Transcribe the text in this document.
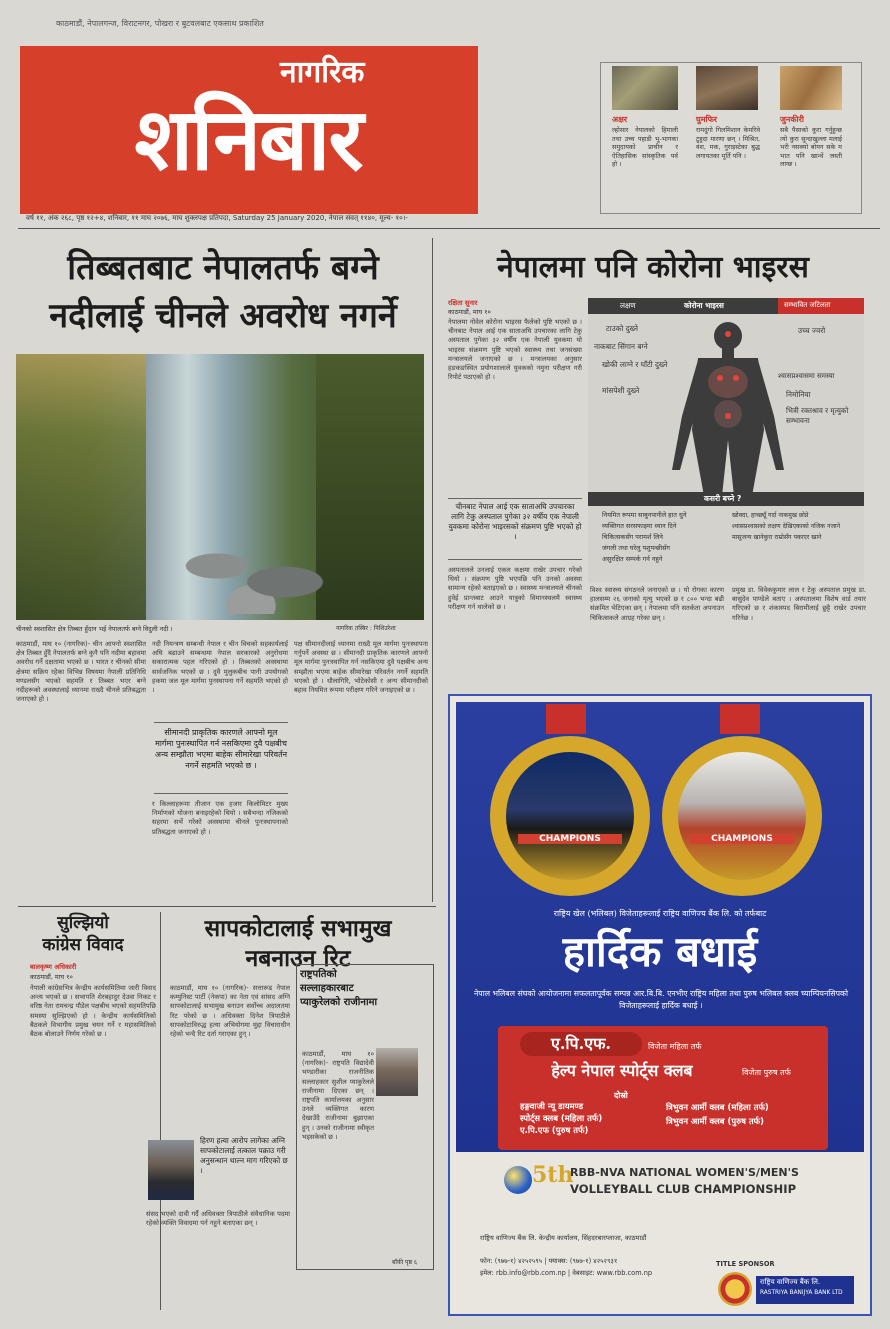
काठमाडौं, नेपालगन्ज, विराटनगर, पोखरा र बुटवलबाट एकसाथ प्रकाशित
नागरिक
शनिबार
वर्ष ११, अंक २६८, पृष्ठ १२+४, शनिबार, ११ माघ २०७६, माघ शुक्लपक्ष प्रतिपदा, Saturday 25 January 2020, नेपाल संवत् ११४०, मूल्य- १०।-
अक्षर
ल्होसार नेपालको हिमाली तथा उच्च पहाडी भू-भागका समुदायको प्राचीन र ऐतिहासिक सांस्कृतिक पर्व हो ।
घुमफिर
रामदुंगो गिलमिशान केमरिवे टुहुदा मारणा छन् । मिश्रित, वंश, मक, गुराइस्टेका बुद्ध लगायतका मूर्ति पनि ।
जुनकीरी
सबै पैसाको कुरा गर्नुहुन्छ त्यो कुरा सुन्दाखुल्ला मलाई भरी नसक्यो बोयन सके म भात पनि खान्थें जस्ती लाग्छ ।
तिब्बतबाट नेपालतर्फ बग्ने
नदीलाई चीनले अवरोध नगर्ने
चीनको स्वशासित क्षेत्र तिब्बत हुँदान भई नेपालतर्फ बग्ने विदुली नदी ।	नागरिक तस्बिर : निशिउरेशा
काठमाडौं, माघ १० (नागरिक)- चीन आफ्नो स्वशासित क्षेत्र तिब्बत हुँदै नेपालतर्फ बग्ने कुनै पनि नदीमा बहावमा अवरोध गर्ने दक्षतामा भएको छ । भारत र चीनको सीमा क्षेत्रमा सक्रिय रहेका विभिन्न विषयमा नेपाली प्रतिनिधि मण्डलसँग भएको सहमति र तिब्बत भएर बग्ने नदीहरूको अवस्थालाई ध्यानमा राख्दै चीनले प्रतिबद्धता जनाएको हो ।
नदी नियन्त्रण सम्बन्धी नेपाल र चीन विचको सहकार्यलाई अघि बढाउने सम्बन्धमा नेपाल सरकारको अनुरोधमा सकारात्मक पहल गरिएको हो । तिब्बतको अवस्थामा सार्वजनिक भएको छ । दुवै मुलुकबीच पानी उपयोगको हकमा जल मूल मार्गमा पुनस्थापना गर्ने सहमति भएको हो ।
सीमानदी प्राकृतिक कारणले आफ्नो मूल मार्गमा पुनःस्थापित गर्न नसकिएमा दुवै पक्षबीच अन्य सम्झौता भएमा बाहेक सीमारेखा परिवर्तन नगर्ने सहमति भएको छ ।
र किल्लाहरूमा तीजान एक हजार किलोमिटर मुख्य निर्माणको योजना बनाइरहेको थियो । सबैभन्दा नजिकको सहरमा सर्भे गरेको अवस्थामा चीनले पुनःस्थापनाको प्रतिबद्धता जनाएको हो ।
पक्ष सीमानदीलाई ध्यानमा राख्दै मूल मार्गमा पुनःस्थापना गर्नुपर्ने अवस्था छ । सीमानदी प्राकृतिक कारणले आफ्नो मूल मार्गमा पुनःस्थापित गर्न नसकिएमा दुवै पक्षबीच अन्य सम्झौता भएमा बाहेक सीमारेखा परिवर्तन नगर्ने सहमति भएको हो । धौलागिरि, भोटेकोसी र अन्य सीमानदीको बहाव नियमित रूपमा परीक्षण गरिने जनाइएको छ ।
नेपालमा पनि कोरोना भाइरस
रक्षिता सुनार
काठमाडौं, माघ १०
नेपालमा नोवेल कोरोना भाइरस फैलेको पुष्टि भएको छ । चीनबाट नेपाल आई एक साताअघि उपचारका लागि टेकु अस्पताल पुगेका ३२ वर्षीय एक नेपाली युवकमा यो भाइरस संक्रमण पुष्टि भएको स्वास्थ्य तथा जनसंख्या मन्त्रालयले जनाएको छ । मन्त्रालयका अनुसार हङकङस्थित प्रयोगशालाले युवकको नमुना परीक्षण गरी रिपोर्ट पठाएको हो ।
चीनबाट नेपाल आई एक साताअघि उपचारका लागि टेकु अस्पताल पुगेका ३२ वर्षीय एक नेपाली युवकमा कोरोना भाइरसको संक्रमण पुष्टि भएको हो ।
अस्पतालले उनलाई एकल कक्षमा राखेर उपचार गरेको थियो । संक्रमण पुष्टि भएपछि पनि उनको अवस्था सामान्य रहेको बताइएको छ । स्वास्थ्य मन्त्रालयले चीनको हुवेई प्रान्तबाट आउने यात्रुको विमानस्थलमै स्वास्थ्य परीक्षण गर्न थालेको छ ।
विश्व स्वास्थ्य संगठनले जनाएको छ । यो रोगका कारण हालसम्म २६ जनाको मृत्यु भएको छ र ८०० भन्दा बढी संक्रमित भेटिएका छन् । नेपालमा पनि सतर्कता अपनाउन चिकित्सकले आग्रह गरेका छन् ।
प्रमुख डा. विवेककुमार लाल र टेकु अस्पताल प्रमुख डा. बासुदेव पाण्डेले बताए । अस्पतालमा विशेष वार्ड तयार गरिएको छ र शंकास्पद बिरामीलाई छुट्टै राखेर उपचार गरिनेछ ।
लक्षण	कोरोना भाइरस	सम्भावित जटिलता
टाउको दुख्ने
नाकबाट सिंगान बग्ने
खोकी लाग्ने र घाँटी दुख्ने
मांसपेशी दुख्ने
उच्च ज्वरो
श्वासप्रश्वासमा समस्या
निमोनिया
भित्री रक्तश्राव र मृत्युको सम्भावना
कसरी बच्ने ?
नियमित रूपमा साबुनपानीले हात धुने
व्यक्तिगत सरसफाइमा ध्यान दिने
चिकित्सकसँग परामर्श लिने
जंगली तथा घरेलु पशुपन्छीसँग
असुरक्षित सम्पर्क गर्न नहुने
खोक्दा, हाच्छ्यूँ गर्दा नाकमुख छोप्ने
श्वासप्रश्वासको लक्षण देखिएकाको नजिक नजाने
मासुजन्य खानेकुरा राम्रोसँग पकाएर खाने
सुल्झियो
कांग्रेस विवाद
बालकृष्ण अधिकारी
काठमाडौं, माघ १०
नेपाली कांग्रेसभित्र केन्द्रीय कार्यसमितिमा जारी विवाद अन्त्य भएको छ । सभापति शेरबहादुर देउवा निकट र वरिष्ठ नेता रामचन्द्र पौडेल पक्षबीच भएको सहमतिपछि समस्या सुल्झिएको हो । केन्द्रीय कार्यसमितिको बैठकले विभागीय प्रमुख चयन गर्ने र महासमितिको बैठक बोलाउने निर्णय गरेको छ ।
सापकोटालाई सभामुख
नबनाउन रिट
काठमाडौं, माघ १० (नागरिक)- सत्तारूढ नेपाल कम्युनिस्ट पार्टी (नेकपा) का नेता एवं सांसद अग्नि सापकोटालाई सभामुख बनाउन सर्वोच्च अदालतमा रिट परेको छ । अधिवक्ता दिनेश त्रिपाठीले सापकोटाविरुद्ध हत्या अभियोगमा मुद्दा विचाराधीन रहेको भन्दै रिट दर्ता गराएका हुन् ।
हिरण हत्या आरोप लागेका अग्नि सापकोटालाई तत्काल पक्राउ गरी अनुसन्धान थाल्न माग गरिएको छ ।
संसद भएको दावी गर्दै अधिवक्ता त्रिपाठीले संवैधानिक पदमा रहेको व्यक्ति विवादमा पर्न नहुने बताएका छन् ।
राष्ट्रपतिको
सल्लाहकारबाट
प्याकुरेलको राजीनामा
काठमाडौं, माघ १० (नागरिक)- राष्ट्रपति विद्यादेवी भण्डारीका राजनीतिक सल्लाहकार सुशील प्याकुरेलले राजीनामा दिएका छन् । राष्ट्रपति कार्यालयका अनुसार उनले व्यक्तिगत कारण देखाउँदै राजीनामा बुझाएका हुन् । उनको राजीनामा स्वीकृत भइसकेको छ ।
बाँकी पृष्ठ ६
CHAMPIONS	CHAMPIONS
राष्ट्रिय खेल (भलिबल) विजेताहरूलाई राष्ट्रिय वाणिज्य बैंक लि. को तर्फबाट
हार्दिक बधाई
नेपाल भलिबल संघको आयोजनामा सफलतापूर्वक सम्पन्न आर.बि.बि. एनभीए राष्ट्रिय महिला तथा पुरुष भलिबल क्लब च्याम्पियनसिपको विजेताहरूलाई हार्दिक बधाई ।
ए.पि.एफ.	विजेता महिला तर्फ
हेल्प नेपाल स्पोर्ट्स क्लब	विजेता पुरुष तर्फ
दोस्रो
हङ्गवाजी न्यू डायमण्ड
स्पोर्ट्स क्लब (महिला तर्फ)
ए.पि.एफ (पुरुष तर्फ)
त्रिभुवन आर्मी क्लब (महिला तर्फ)
त्रिभुवन आर्मी क्लब (पुरुष तर्फ)
5th
RBB-NVA NATIONAL WOMEN'S/MEN'S
VOLLEYBALL CLUB CHAMPIONSHIP
राष्ट्रिय वाणिज्य बैंक लि. केन्द्रीय कार्यालय, सिंहदरबारप्लाजा, काठमाडौं
फोन: (९७७-१) ४२५२५९५ | फ्याक्स: (९७७-१) ४२५२९३१
इमेल: rbb.info@rbb.com.np | वेबसाइट: www.rbb.com.np
TITLE SPONSOR
राष्ट्रिय वाणिज्य बैंक लि.
RASTRIYA BANIJYA BANK LTD
